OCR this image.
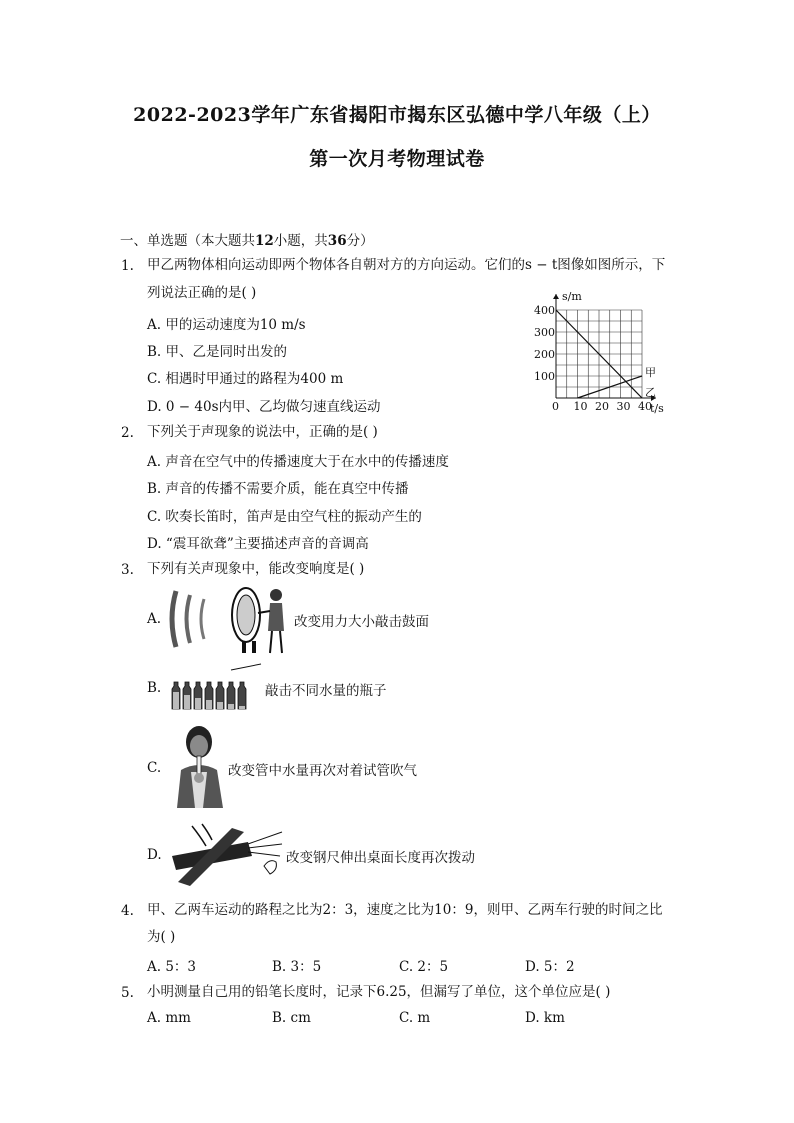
2022-2023学年广东省揭阳市揭东区弘德中学八年级（上）
第一次月考物理试卷
一、单选题（本大题共12小题，共36分）
1. 甲乙两物体相向运动即两个物体各自朝对方的方向运动。它们的s − t图像如图所示，下
列说法正确的是( )
A. 甲的运动速度为10 m/s
B. 甲、乙是同时出发的
C. 相遇时甲通过的路程为400 m
D. 0 − 40s内甲、乙均做匀速直线运动
s/m
t/s
0 10 20 30 40
100
200
300
400
乙
甲
2. 下列关于声现象的说法中，正确的是( )
A. 声音在空气中的传播速度大于在水中的传播速度
B. 声音的传播不需要介质，能在真空中传播
C. 吹奏长笛时，笛声是由空气柱的振动产生的
D. “震耳欲聋”主要描述声音的音调高
3. 下列有关声现象中，能改变响度是( )
A.	改变用力大小敲击鼓面
B.	敲击不同水量的瓶子
C.	改变管中水量再次对着试管吹气
D.	改变钢尺伸出桌面长度再次拨动
4. 甲、乙两车运动的路程之比为2：3，速度之比为10：9，则甲、乙两车行驶的时间之比
为( )
A. 5：3	B. 3：5	C. 2：5	D. 5：2
5. 小明测量自己用的铅笔长度时，记录下6.25，但漏写了单位，这个单位应是( )
A. mm	B. cm	C. m	D. km
